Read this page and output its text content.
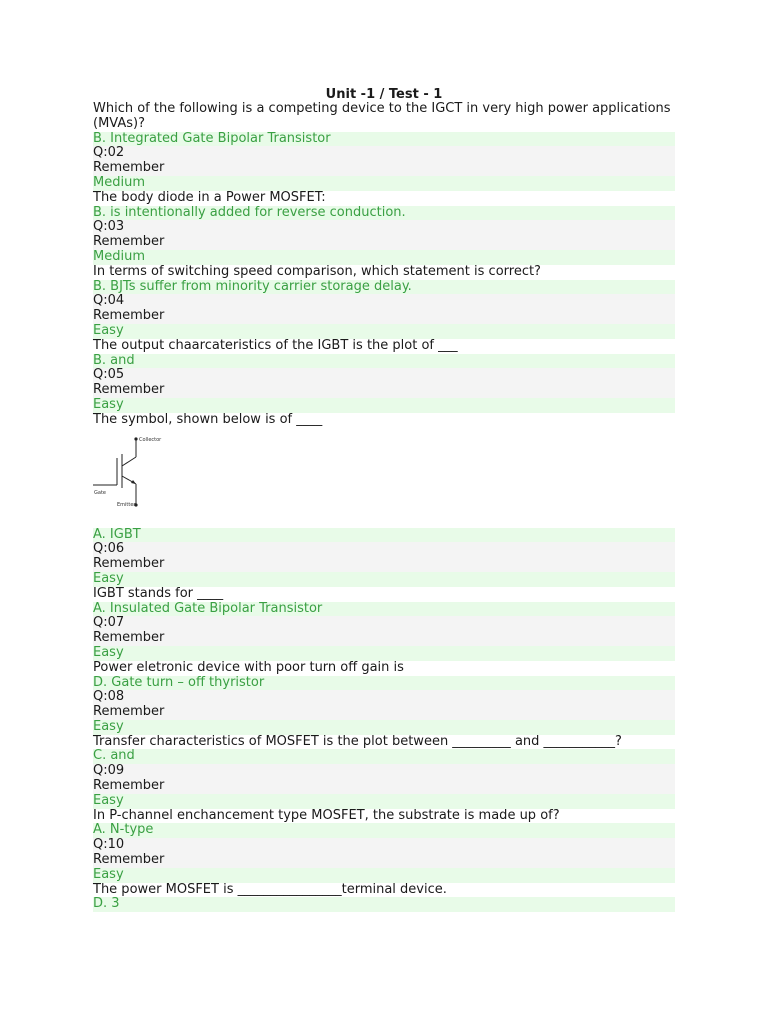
Unit -1 / Test - 1
Which of the following is a competing device to the IGCT in very high power applications (MVAs)?
B. Integrated Gate Bipolar Transistor
Q:02
Remember
Medium
The body diode in a Power MOSFET:
B. is intentionally added for reverse conduction.
Q:03
Remember
Medium
In terms of switching speed comparison, which statement is correct?
B. BJTs suffer from minority carrier storage delay.
Q:04
Remember
Easy
The output chaarcateristics of the IGBT is the plot of ___
B. and
Q:05
Remember
Easy
The symbol, shown below is of ____
Collector
Gate
Emitter
A. IGBT
Q:06
Remember
Easy
IGBT stands for ____
A. Insulated Gate Bipolar Transistor
Q:07
Remember
Easy
Power eletronic device with poor turn off gain is
D. Gate turn – off thyristor
Q:08
Remember
Easy
Transfer characteristics of MOSFET is the plot between _________ and ___________?
C. and
Q:09
Remember
Easy
In P-channel enchancement type MOSFET, the substrate is made up of?
A. N-type
Q:10
Remember
Easy
The power MOSFET is ________________terminal device.
D. 3
